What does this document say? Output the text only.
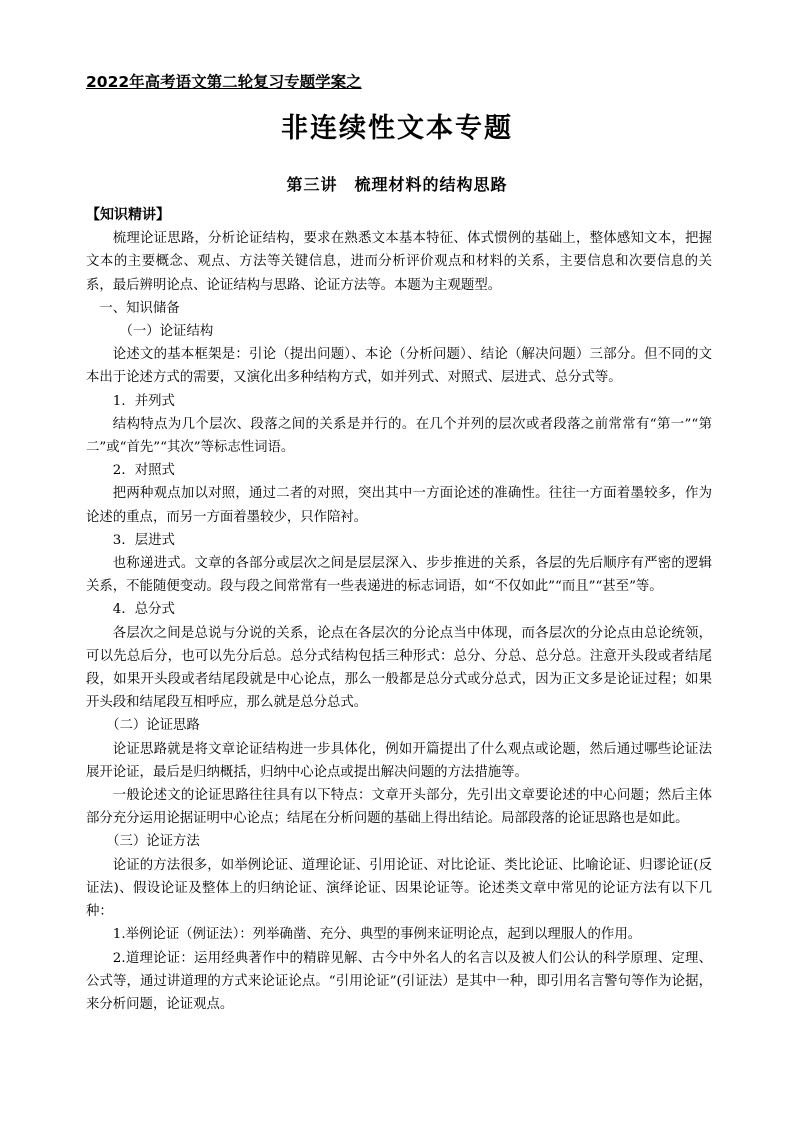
2022年高考语文第二轮复习专题学案之
非连续性文本专题
第三讲　梳理材料的结构思路

【知识精讲】

梳理论证思路，分析论证结构，要求在熟悉文本基本特征、体式惯例的基础上，整体感知文本，把握文本的主要概念、观点、方法等关键信息，进而分析评价观点和材料的关系，主要信息和次要信息的关系，最后辨明论点、论证结构与思路、论证方法等。本题为主观题型。

一、知识储备

（一）论证结构

论述文的基本框架是：引论（提出问题）、本论（分析问题）、结论（解决问题）三部分。但不同的文本出于论述方式的需要，又演化出多种结构方式，如并列式、对照式、层进式、总分式等。

1．并列式

结构特点为几个层次、段落之间的关系是并行的。在几个并列的层次或者段落之前常常有“第一”“第二”或“首先”“其次”等标志性词语。

2．对照式

把两种观点加以对照，通过二者的对照，突出其中一方面论述的准确性。往往一方面着墨较多，作为论述的重点，而另一方面着墨较少，只作陪衬。

3．层进式

也称递进式。文章的各部分或层次之间是层层深入、步步推进的关系，各层的先后顺序有严密的逻辑关系，不能随便变动。段与段之间常常有一些表递进的标志词语，如“不仅如此”“而且”“甚至”等。

4．总分式

各层次之间是总说与分说的关系，论点在各层次的分论点当中体现，而各层次的分论点由总论统领，可以先总后分，也可以先分后总。总分式结构包括三种形式：总分、分总、总分总。注意开头段或者结尾段，如果开头段或者结尾段就是中心论点，那么一般都是总分式或分总式，因为正文多是论证过程；如果开头段和结尾段互相呼应，那么就是总分总式。

（二）论证思路

论证思路就是将文章论证结构进一步具体化，例如开篇提出了什么观点或论题，然后通过哪些论证法展开论证，最后是归纳概括，归纳中心论点或提出解决问题的方法措施等。

一般论述文的论证思路往往具有以下特点：文章开头部分，先引出文章要论述的中心问题；然后主体部分充分运用论据证明中心论点；结尾在分析问题的基础上得出结论。局部段落的论证思路也是如此。

（三）论证方法

论证的方法很多，如举例论证、道理论证、引用论证、对比论证、类比论证、比喻论证、归谬论证(反证法)、假设论证及整体上的归纳论证、演绎论证、因果论证等。论述类文章中常见的论证方法有以下几种：

1.举例论证（例证法）：列举确凿、充分、典型的事例来证明论点，起到以理服人的作用。

2.道理论证：运用经典著作中的精辟见解、古今中外名人的名言以及被人们公认的科学原理、定理、公式等，通过讲道理的方式来论证论点。“引用论证”(引证法）是其中一种，即引用名言警句等作为论据，来分析问题，论证观点。
